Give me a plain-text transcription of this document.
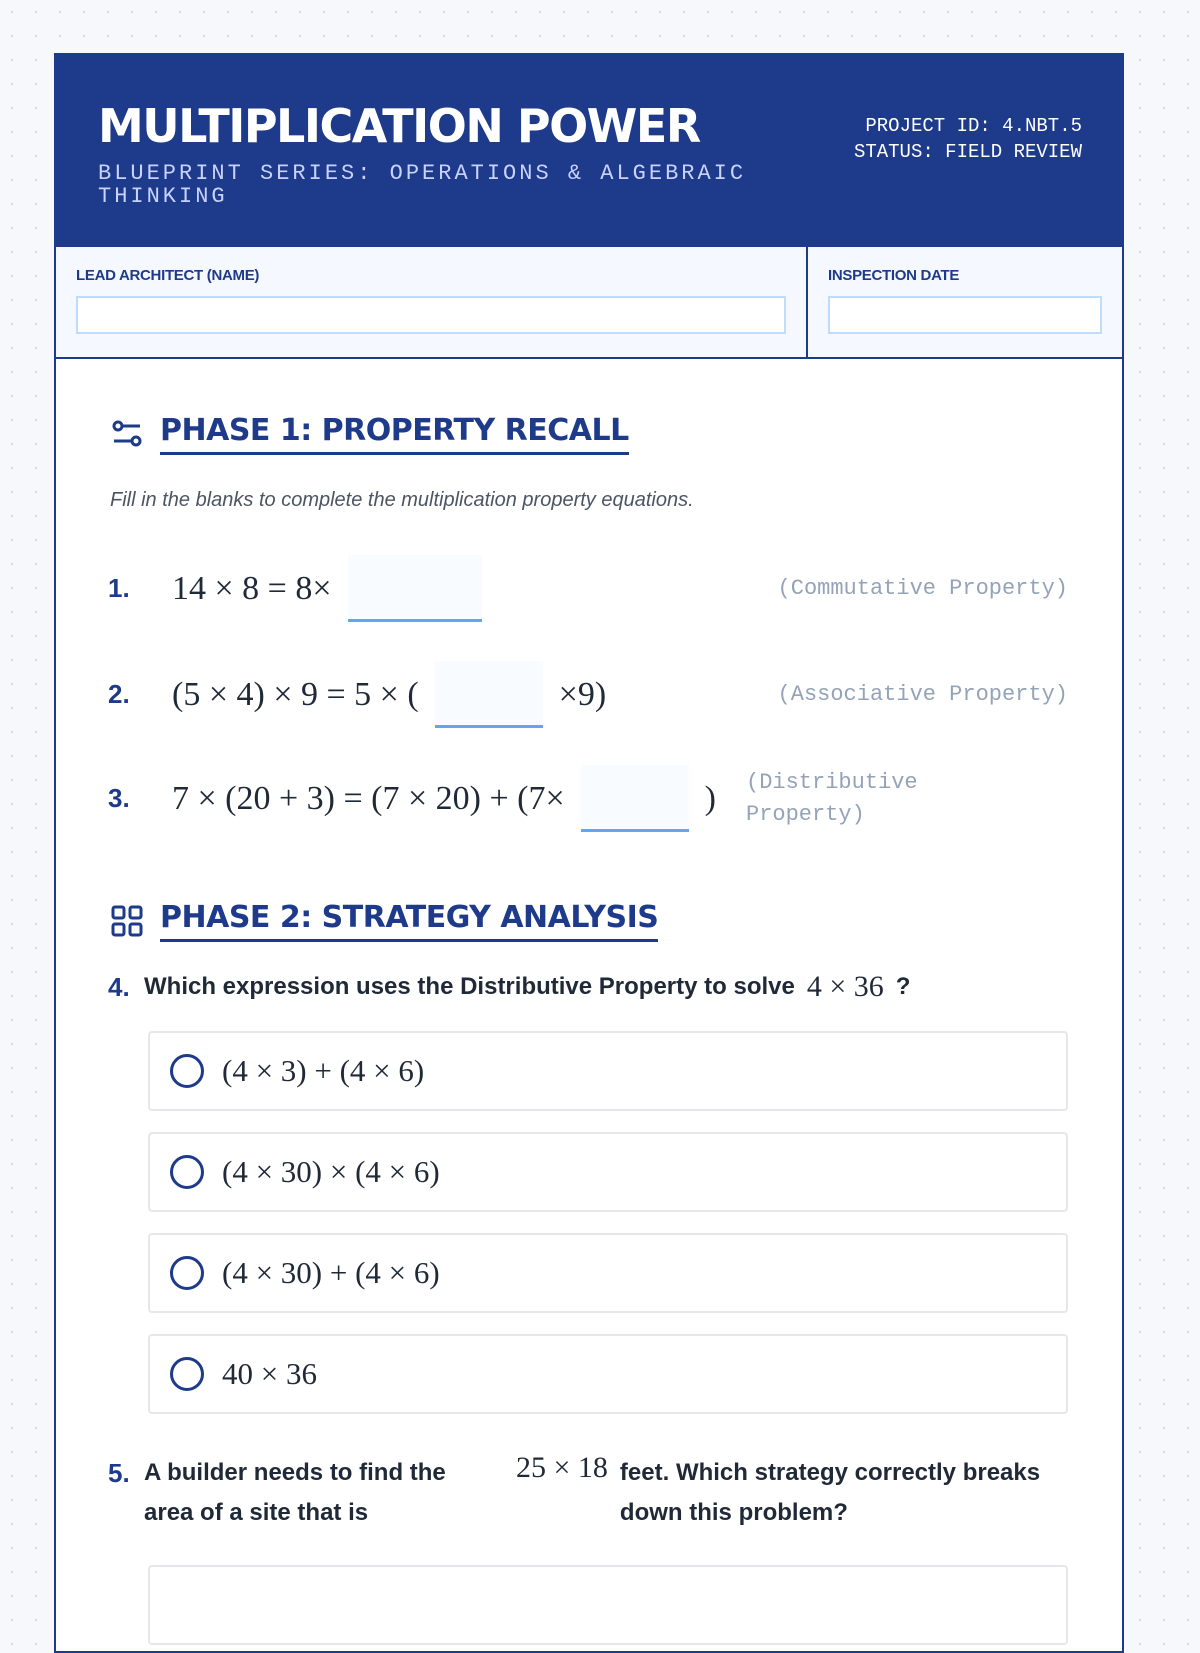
MULTIPLICATION POWER
BLUEPRINT SERIES: OPERATIONS & ALGEBRAIC THINKING
PROJECT ID: 4.NBT.5
STATUS: FIELD REVIEW
LEAD ARCHITECT (NAME)	INSPECTION DATE
PHASE 1: PROPERTY RECALL
Fill in the blanks to complete the multiplication property equations.
1.	14 × 8 = 8×	(Commutative Property)
2.	(5 × 4) × 9 = 5 × (	×9)	(Associative Property)
3.	7 × (20 + 3) = (7 × 20) + (7×	) (Distributive Property)
PHASE 2: STRATEGY ANALYSIS
4. Which expression uses the Distributive Property to solve 4 × 36 ?
(4 × 3) + (4 × 6)
(4 × 30) × (4 × 6)
(4 × 30) + (4 × 6)
40 × 36
5. A builder needs to find the area of a site that is
25 × 18 feet. Which strategy correctly breaks down this problem?
